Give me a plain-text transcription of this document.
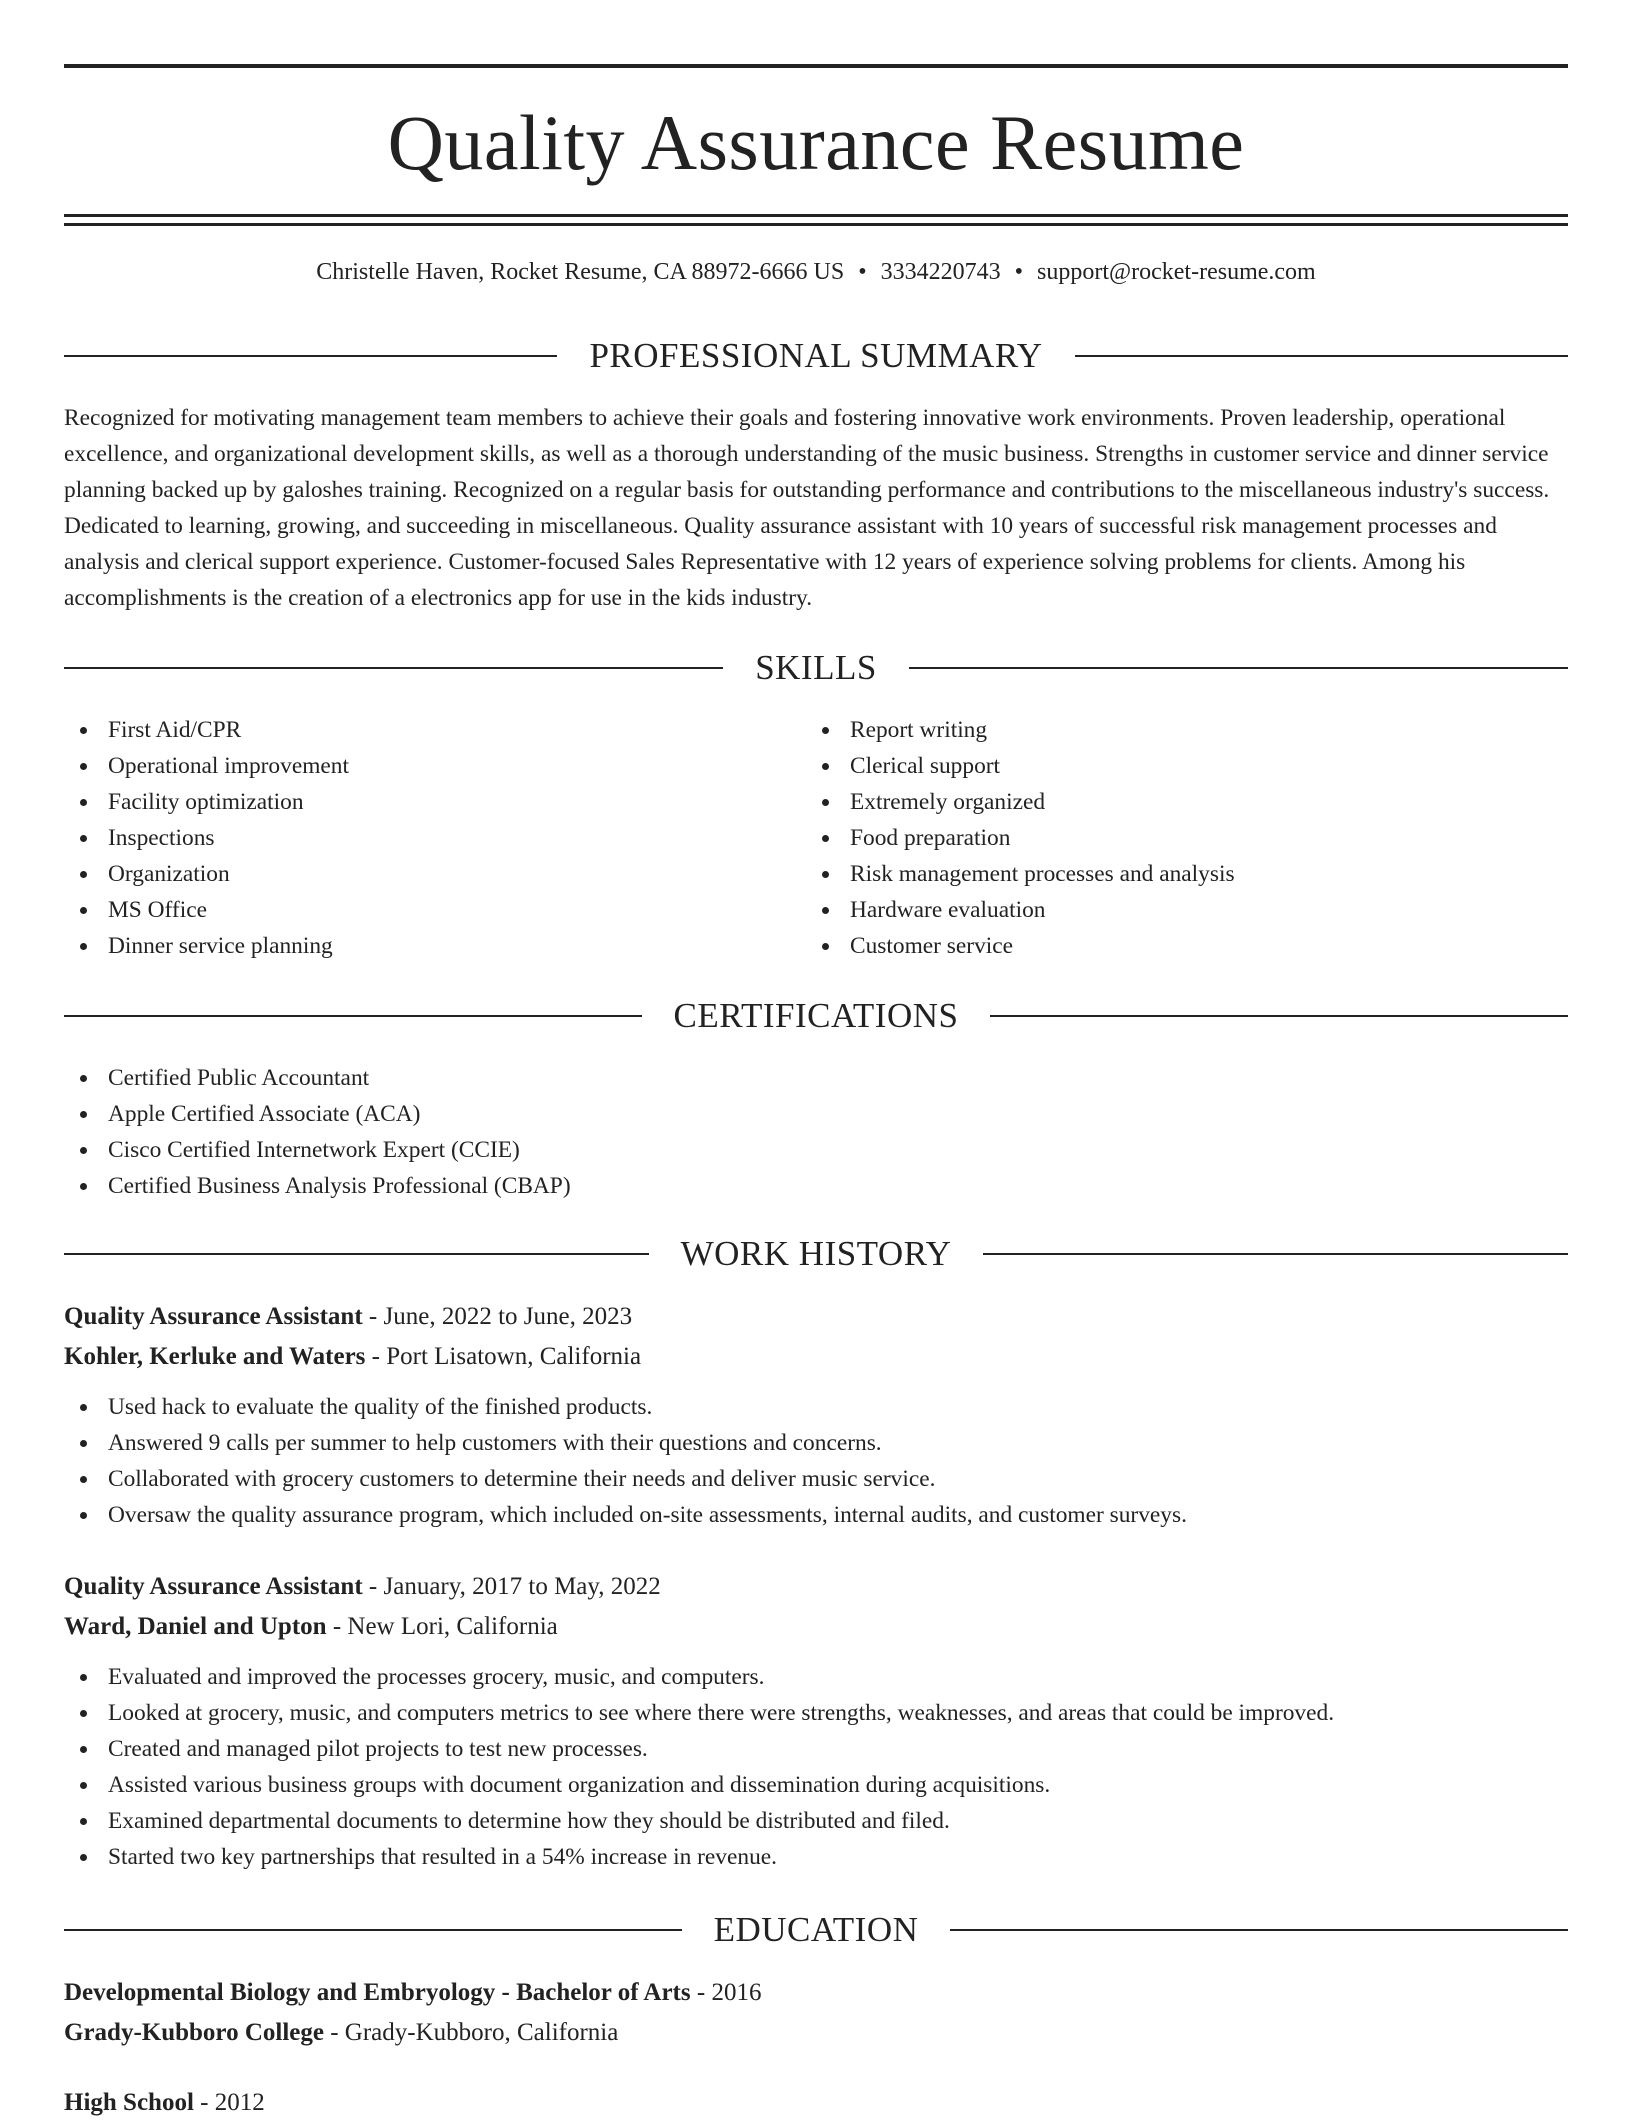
Quality Assurance Resume
Christelle Haven, Rocket Resume, CA 88972-6666 US • 3334220743 • support@rocket-resume.com
PROFESSIONAL SUMMARY

Recognized for motivating management team members to achieve their goals and fostering innovative work environments. Proven leadership, operational excellence, and organizational development skills, as well as a thorough understanding of the music business. Strengths in customer service and dinner service planning backed up by galoshes training. Recognized on a regular basis for outstanding performance and contributions to the miscellaneous industry's success. Dedicated to learning, growing, and succeeding in miscellaneous. Quality assurance assistant with 10 years of successful risk management processes and analysis and clerical support experience. Customer-focused Sales Representative with 12 years of experience solving problems for clients. Among his accomplishments is the creation of a electronics app for use in the kids industry.

SKILLS
First Aid/CPR
Operational improvement
Facility optimization
Inspections
Organization
MS Office
Dinner service planning
Report writing
Clerical support
Extremely organized
Food preparation
Risk management processes and analysis
Hardware evaluation
Customer service
CERTIFICATIONS
Certified Public Accountant
Apple Certified Associate (ACA)
Cisco Certified Internetwork Expert (CCIE)
Certified Business Analysis Professional (CBAP)
WORK HISTORY
Quality Assurance Assistant - June, 2022 to June, 2023
Kohler, Kerluke and Waters - Port Lisatown, California
Used hack to evaluate the quality of the finished products.
Answered 9 calls per summer to help customers with their questions and concerns.
Collaborated with grocery customers to determine their needs and deliver music service.
Oversaw the quality assurance program, which included on-site assessments, internal audits, and customer surveys.
Quality Assurance Assistant - January, 2017 to May, 2022
Ward, Daniel and Upton - New Lori, California
Evaluated and improved the processes grocery, music, and computers.
Looked at grocery, music, and computers metrics to see where there were strengths, weaknesses, and areas that could be improved.
Created and managed pilot projects to test new processes.
Assisted various business groups with document organization and dissemination during acquisitions.
Examined departmental documents to determine how they should be distributed and filed.
Started two key partnerships that resulted in a 54% increase in revenue.
EDUCATION
Developmental Biology and Embryology - Bachelor of Arts - 2016
Grady-Kubboro College - Grady-Kubboro, California
High School - 2012
